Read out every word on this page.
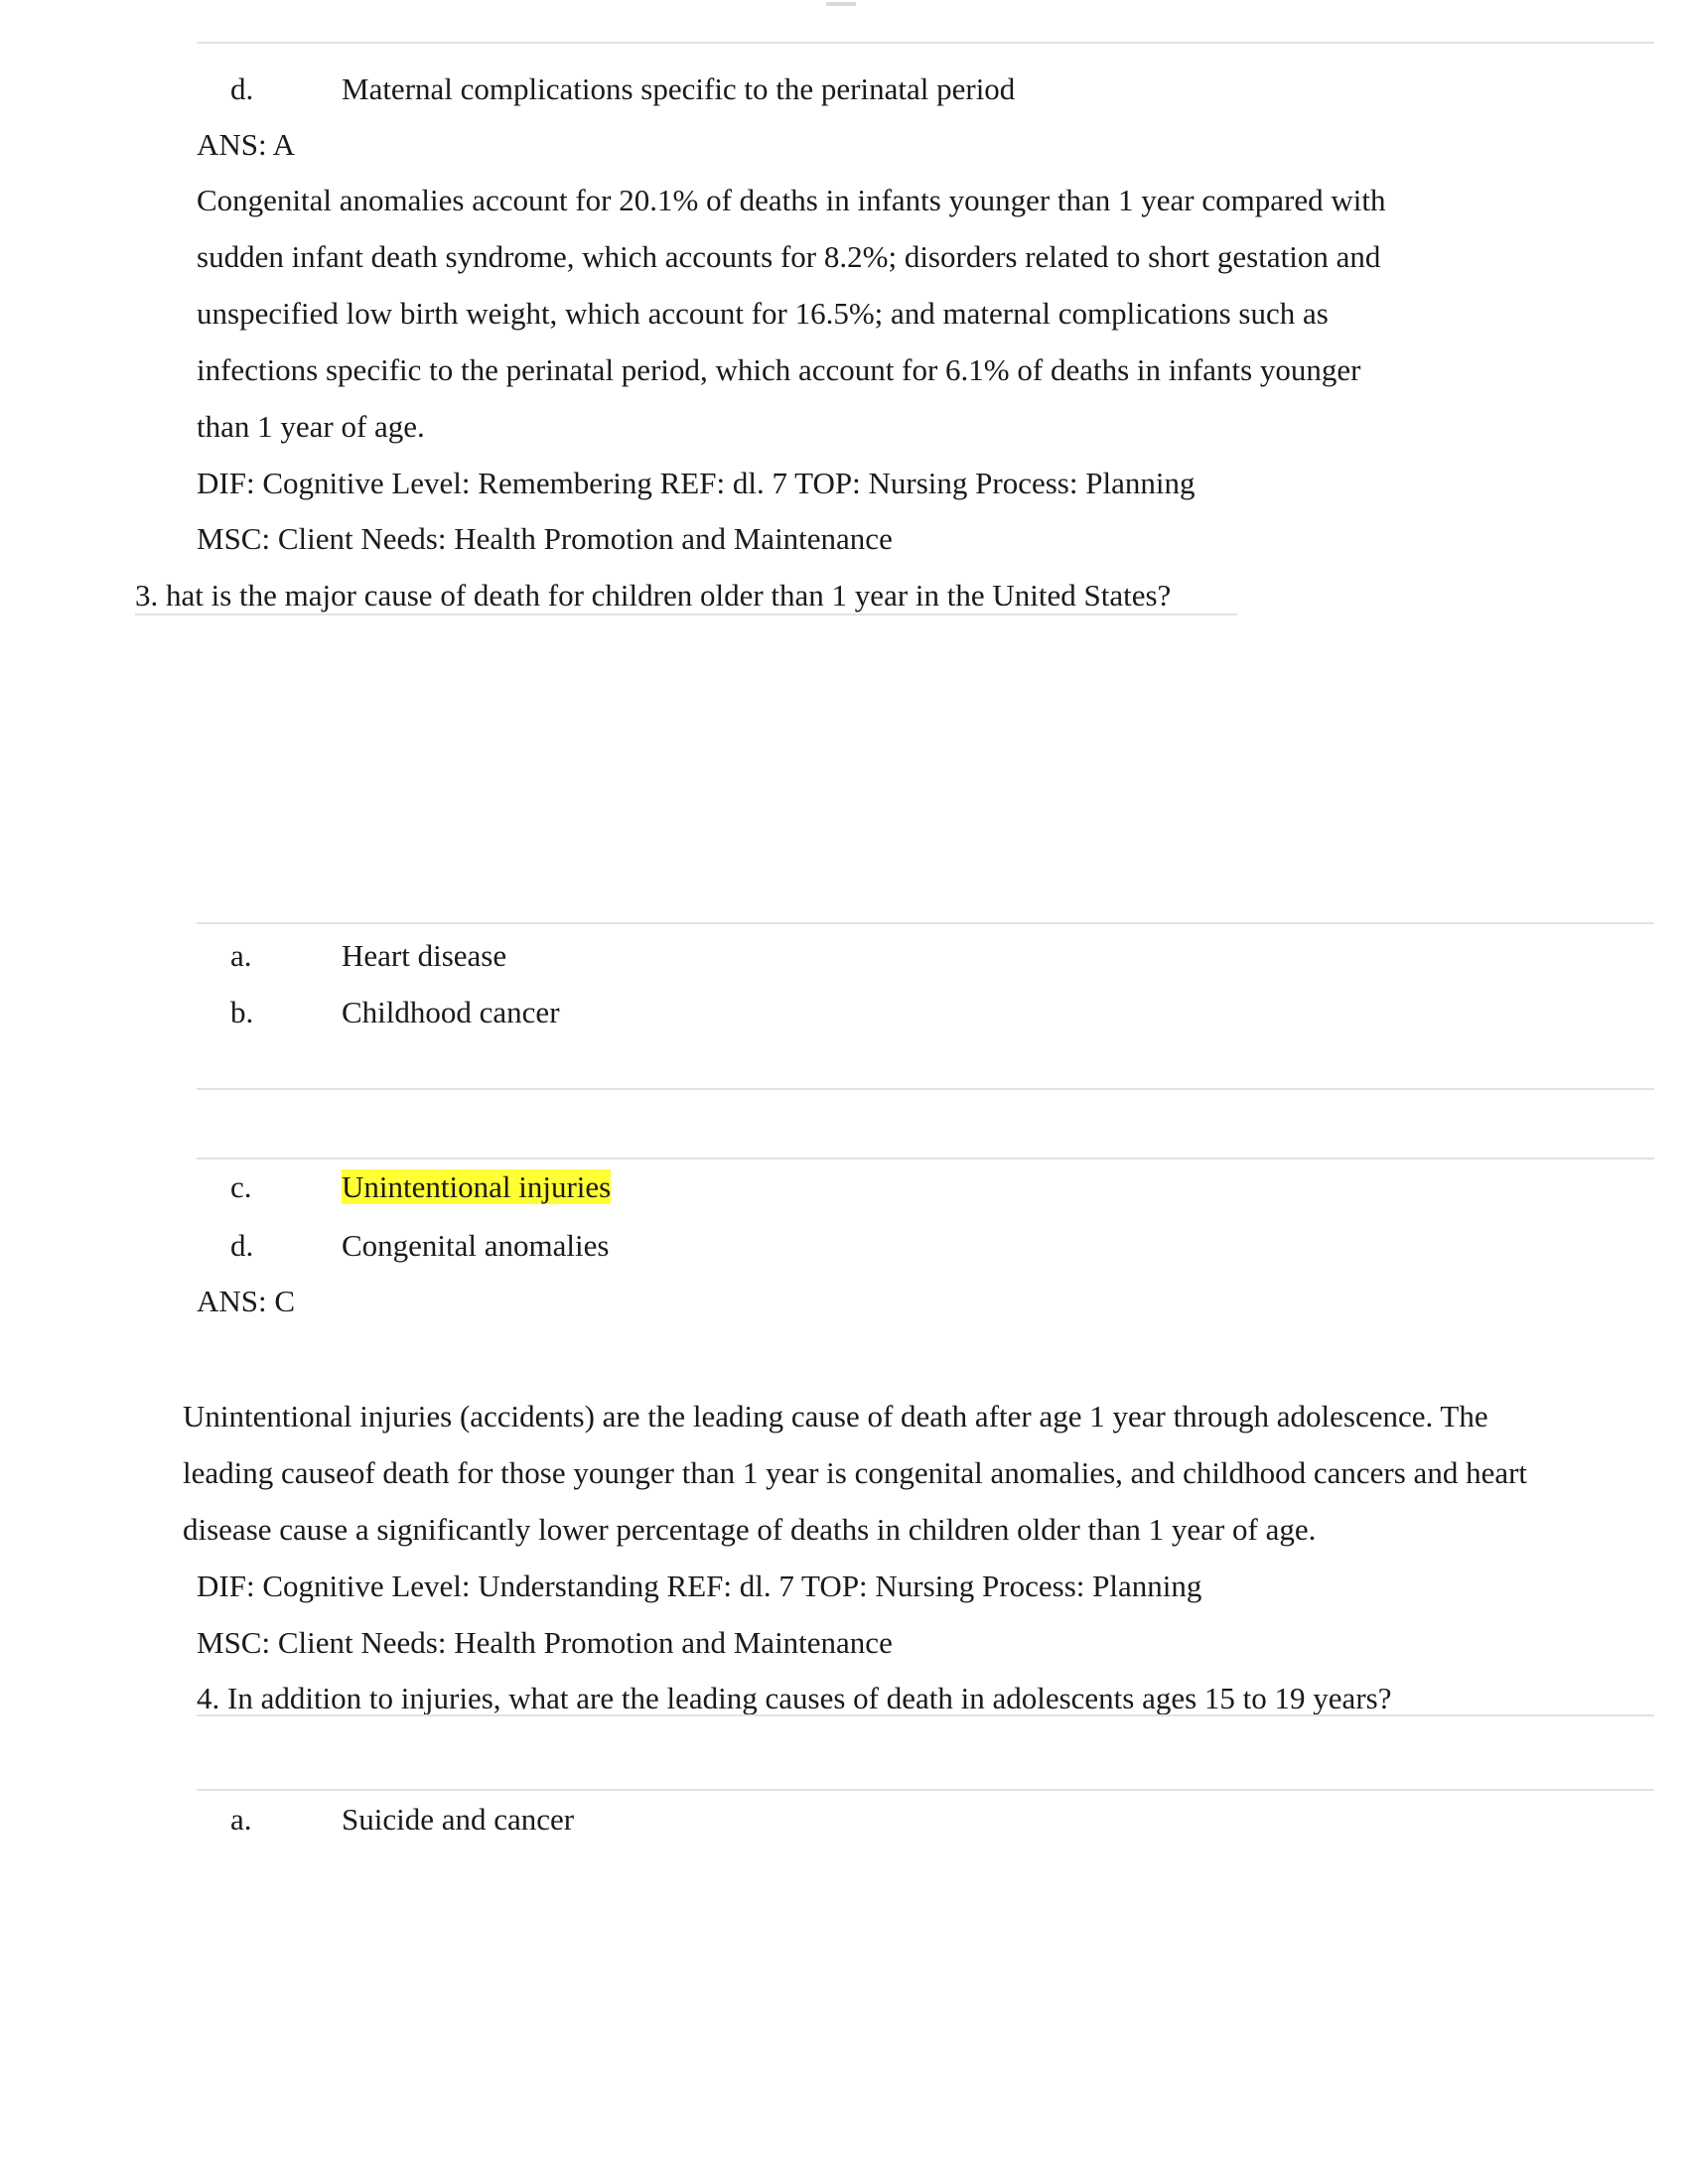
d.	Maternal complications specific to the perinatal period
ANS: A
Congenital anomalies account for 20.1% of deaths in infants younger than 1 year compared with
sudden infant death syndrome, which accounts for 8.2%; disorders related to short gestation and
unspecified low birth weight, which account for 16.5%; and maternal complications such as
infections specific to the perinatal period, which account for 6.1% of deaths in infants younger
than 1 year of age.
DIF: Cognitive Level: Remembering REF: dl. 7 TOP: Nursing Process: Planning
MSC: Client Needs: Health Promotion and Maintenance
3. hat is the major cause of death for children older than 1 year in the United States?
a.	Heart disease
b.	Childhood cancer
c.	Unintentional injuries
d.	Congenital anomalies
ANS: C
Unintentional injuries (accidents) are the leading cause of death after age 1 year through adolescence. The
leading causeof death for those younger than 1 year is congenital anomalies, and childhood cancers and heart
disease cause a significantly lower percentage of deaths in children older than 1 year of age.
DIF: Cognitive Level: Understanding REF: dl. 7 TOP: Nursing Process: Planning
MSC: Client Needs: Health Promotion and Maintenance
4. In addition to injuries, what are the leading causes of death in adolescents ages 15 to 19 years?
a.	Suicide and cancer
